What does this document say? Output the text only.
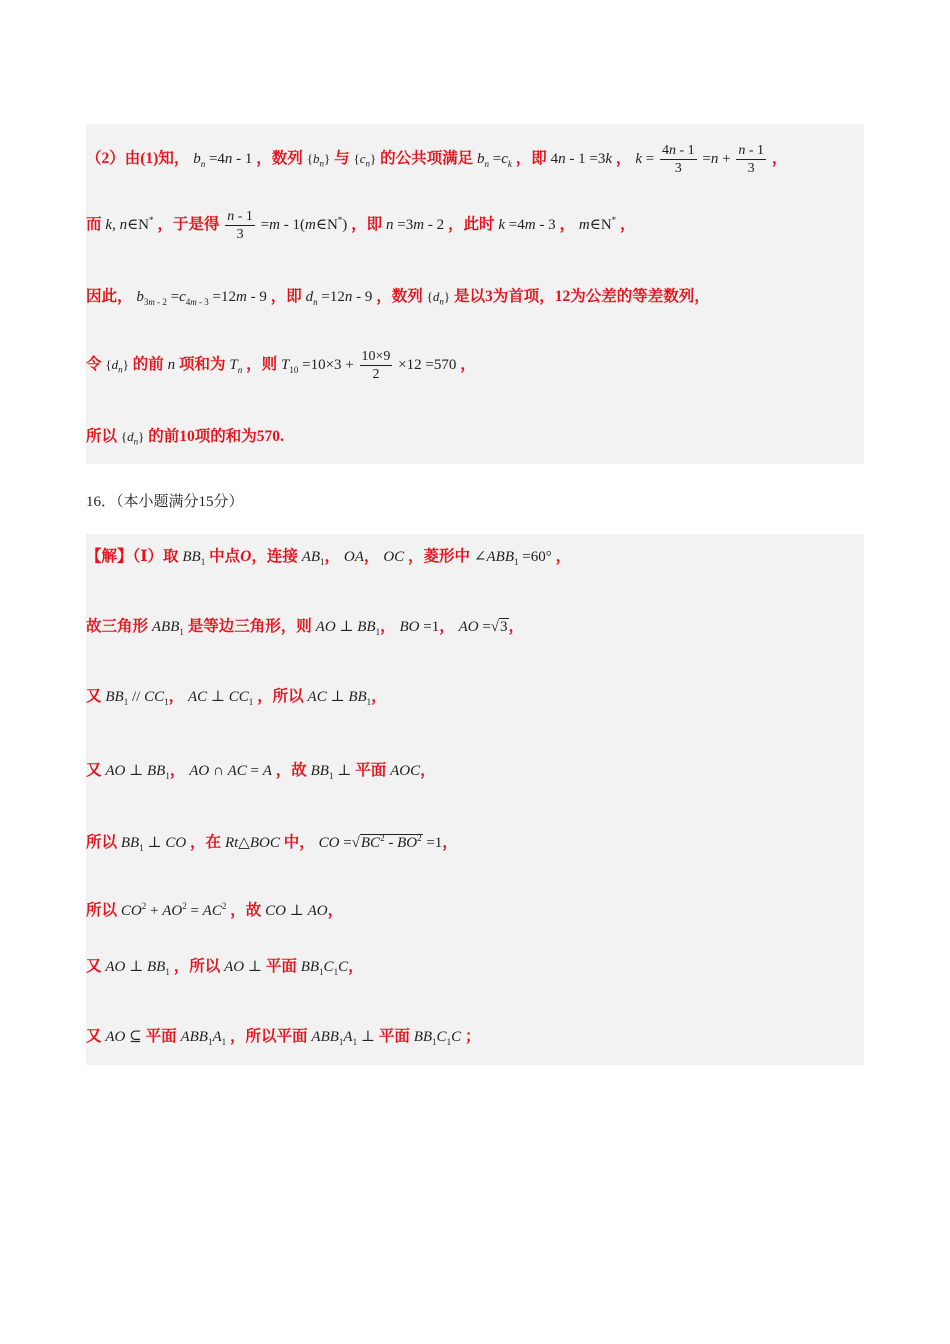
（2）由(1)知， $b_n =4n - 1$ ，数列 $\{b_n\}$ 与 $\{c_n\}$ 的公共项满足 $b_n =c_k$ ，即 4n - 1 =3k ， $k = \frac{4n - 1}{3} =n + \frac{n - 1}{3}$ ，
而 k, n∈N* ，于是得 $\frac{n - 1}{3} =m$ - 1(m∈N*) ，即 n =3m - 2 ，此时 k =4m - 3 ， m∈N* ，
因此， $b_{3m - 2} =c_{4m - 3} =12m - 9$ ，即 $d_n =12n - 9$ ，数列 $\{d_n\}$ 是以3为首项，12为公差的等差数列，
令 $\{d_n\}$ 的前 n 项和为 $T_n$ ，则 $T_{10} =10\times 3 + \frac{10\times 9}{2} \times 12 =570$ ，
所以 $\{d_n\}$ 的前10项的和为570.
16．（本小题满分15分）
【解】（Ⅰ）取 $BB_1$ 中点O，连接 $AB_1$， OA， OC ，菱形中 $\angle ABB_1 =60^\circ$ ，
故三角形 $ABB_1$ 是等边三角形，则 AO ⊥ $BB_1$， BO =1， AO =√3，
又 $BB_1 // CC_1$， AC ⊥ $CC_1$ ，所以 AC ⊥ $BB_1$，
又 AO ⊥ $BB_1$， AO ∩ AC = A ，故 $BB_1$ ⊥ 平面 AOC，
所以 $BB_1$ ⊥ CO ，在 Rt△BOC 中， CO $=√BC^2 - BO^2 =1$，
所以 $CO^2 + AO^2 = AC^2$ ，故 CO ⊥ AO，
又 AO ⊥ $BB_1$ ，所以 AO ⊥ 平面 $BB_1C_1C$，
又 AO ⊆ 平面 $ABB_1A_1$ ，所以平面 $ABB_1A_1$ ⊥ 平面 $BB_1C_1C$ ；
